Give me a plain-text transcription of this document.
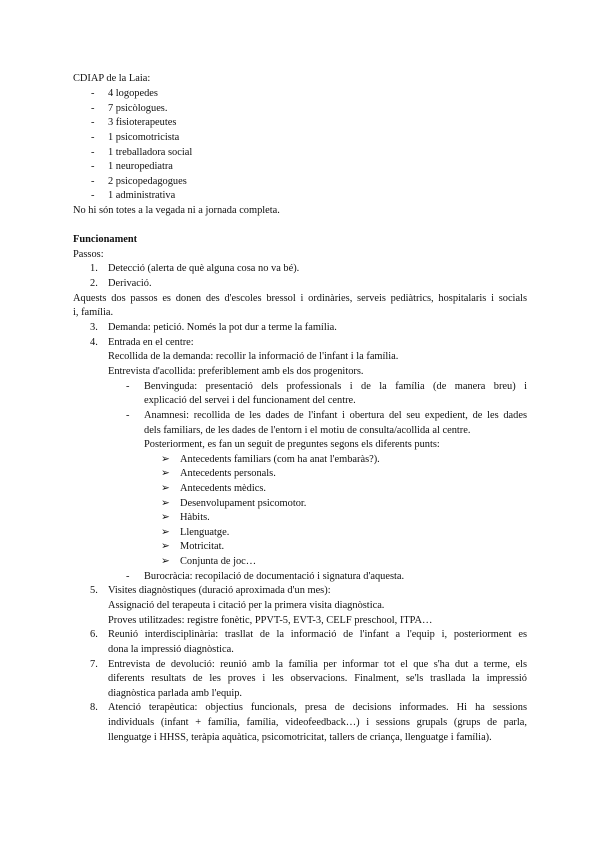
CDIAP de la Laia:
- 4 logopedes
- 7 psicòlogues.
- 3 fisioterapeutes
- 1 psicomotricista
- 1 treballadora social
- 1 neuropediatra
- 2 psicopedagogues
- 1 administrativa
No hi són totes a la vegada ni a jornada completa.
Funcionament
Passos:
1. Detecció (alerta de què alguna cosa no va bé).
2. Derivació.
Aquests dos passos es donen des d'escoles bressol i ordinàries, serveis pediàtrics, hospitalaris i socials
i, família.
3. Demanda: petició. Només la pot dur a terme la família.
4. Entrada en el centre:
Recollida de la demanda: recollir la informació de l'infant i la família.
Entrevista d'acollida: preferiblement amb els dos progenitors.
- Benvinguda: presentació dels professionals i de la família (de manera breu) i
explicació del servei i del funcionament del centre.
- Anamnesi: recollida de les dades de l'infant i obertura del seu expedient, de les dades
dels familiars, de les dades de l'entorn i el motiu de consulta/acollida al centre.
Posteriorment, es fan un seguit de preguntes segons els diferents punts:
➢ Antecedents familiars (com ha anat l'embaràs?).
➢ Antecedents personals.
➢ Antecedents mèdics.
➢ Desenvolupament psicomotor.
➢ Hàbits.
➢ Llenguatge.
➢ Motricitat.
➢ Conjunta de joc…
- Burocràcia: recopilació de documentació i signatura d'aquesta.
5. Visites diagnòstiques (duració aproximada d'un mes):
Assignació del terapeuta i citació per la primera visita diagnòstica.
Proves utilitzades: registre fonètic, PPVT-5, EVT-3, CELF preschool, ITPA…
6. Reunió interdisciplinària: trasllat de la informació de l'infant a l'equip i, posteriorment es
dona la impressió diagnòstica.
7. Entrevista de devolució: reunió amb la família per informar tot el que s'ha dut a terme, els
diferents resultats de les proves i les observacions. Finalment, se'ls trasllada la impressió
diagnòstica parlada amb l'equip.
8. Atenció terapèutica: objectius funcionals, presa de decisions informades. Hi ha sessions
individuals (infant + família, família, videofeedback…) i sessions grupals (grups de parla,
llenguatge i HHSS, teràpia aquàtica, psicomotricitat, tallers de criança, llenguatge i família).
